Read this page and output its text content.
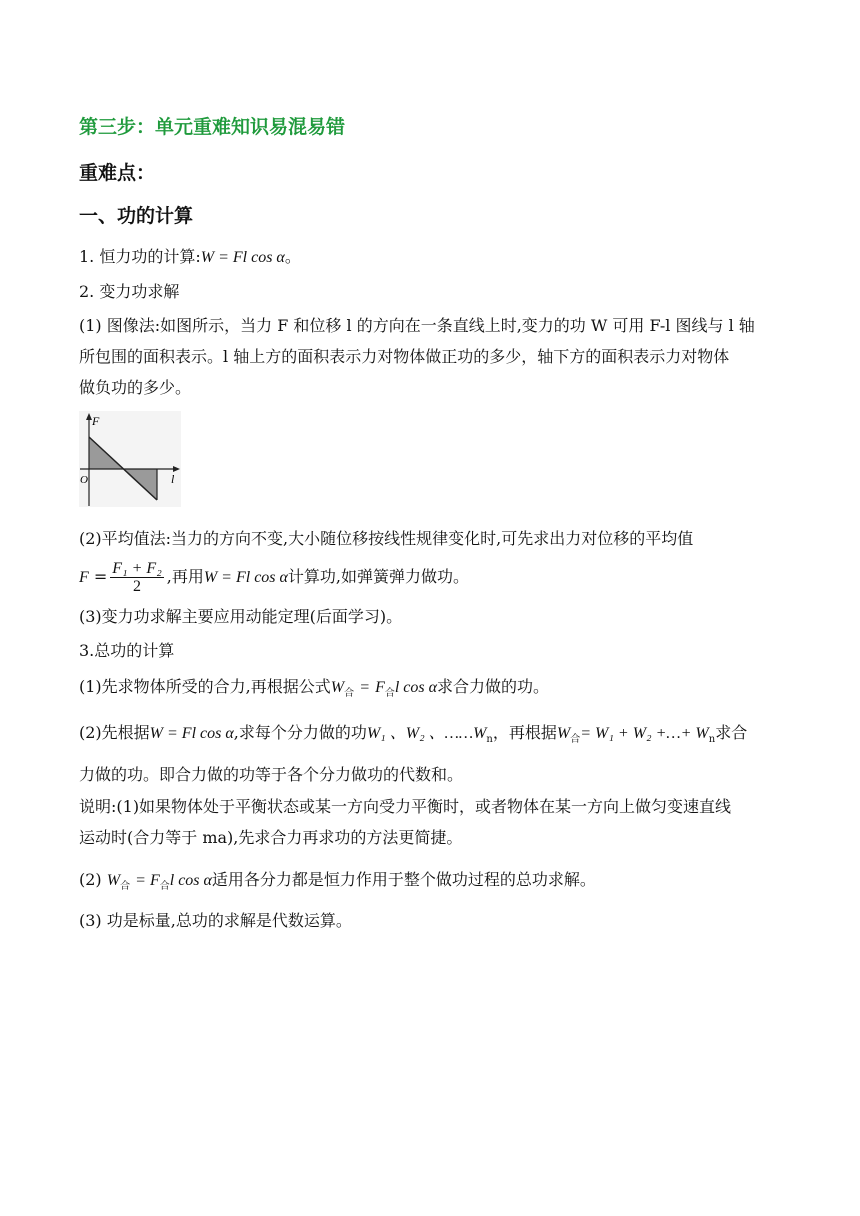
第三步：单元重难知识易混易错
重难点：
一、功的计算
1. 恒力功的计算:W = Fl cos α。
2. 变力功求解
(1) 图像法:如图所示，当力 F 和位移 l 的方向在一条直线上时,变力的功 W 可用 F-l 图线与 l 轴
所包围的面积表示。l 轴上方的面积表示力对物体做正功的多少，轴下方的面积表示力对物体
做负功的多少。
F
O	l
(2)平均值法:当力的方向不变,大小随位移按线性规律变化时,可先求出力对位移的平均值
$F = \frac{\text{F₁ + F₂}}{2}$ ,再用W = Fl cos α计算功,如弹簧弹力做功。
(3)变力功求解主要应用动能定理(后面学习)。
3.总功的计算
(1)先求物体所受的合力,再根据公式$W_合 = F_合l$ cos α求合力做的功。
(2)先根据W = Fl cos α,求每个分力做的功W₁ 、W₂ 、$\dots\dots W_n$，再根据$W_合= W_1 + W_2$ +…+ $W_n$求合
力做的功。即合力做的功等于各个分力做功的代数和。
说明:(1)如果物体处于平衡状态或某一方向受力平衡时，或者物体在某一方向上做匀变速直线
运动时(合力等于 ma),先求合力再求功的方法更简捷。
(2) $W_合 = F_合l$ cos α适用各分力都是恒力作用于整个做功过程的总功求解。
(3) 功是标量,总功的求解是代数运算。
